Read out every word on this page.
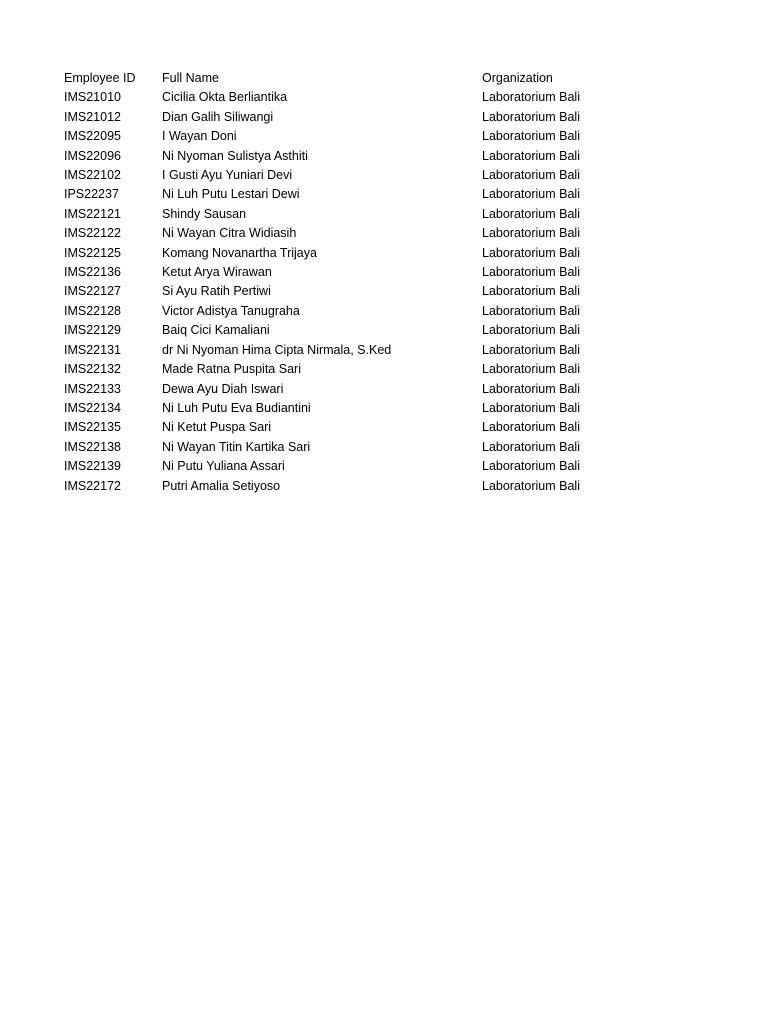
Employee ID	Full Name	Organization
IMS21010	Cicilia Okta Berliantika	Laboratorium Bali
IMS21012	Dian Galih Siliwangi	Laboratorium Bali
IMS22095	I Wayan Doni	Laboratorium Bali
IMS22096	Ni Nyoman Sulistya Asthiti	Laboratorium Bali
IMS22102	I Gusti Ayu Yuniari Devi	Laboratorium Bali
IPS22237	Ni Luh Putu Lestari Dewi	Laboratorium Bali
IMS22121	Shindy Sausan	Laboratorium Bali
IMS22122	Ni Wayan Citra Widiasih	Laboratorium Bali
IMS22125	Komang Novanartha Trijaya	Laboratorium Bali
IMS22136	Ketut Arya Wirawan	Laboratorium Bali
IMS22127	Si Ayu Ratih Pertiwi	Laboratorium Bali
IMS22128	Victor Adistya Tanugraha	Laboratorium Bali
IMS22129	Baiq Cici Kamaliani	Laboratorium Bali
IMS22131	dr Ni Nyoman Hima Cipta Nirmala, S.Ked	Laboratorium Bali
IMS22132	Made Ratna Puspita Sari	Laboratorium Bali
IMS22133	Dewa Ayu Diah Iswari	Laboratorium Bali
IMS22134	Ni Luh Putu Eva Budiantini	Laboratorium Bali
IMS22135	Ni Ketut Puspa Sari	Laboratorium Bali
IMS22138	Ni Wayan Titin Kartika Sari	Laboratorium Bali
IMS22139	Ni Putu Yuliana Assari	Laboratorium Bali
IMS22172	Putri Amalia Setiyoso	Laboratorium Bali
